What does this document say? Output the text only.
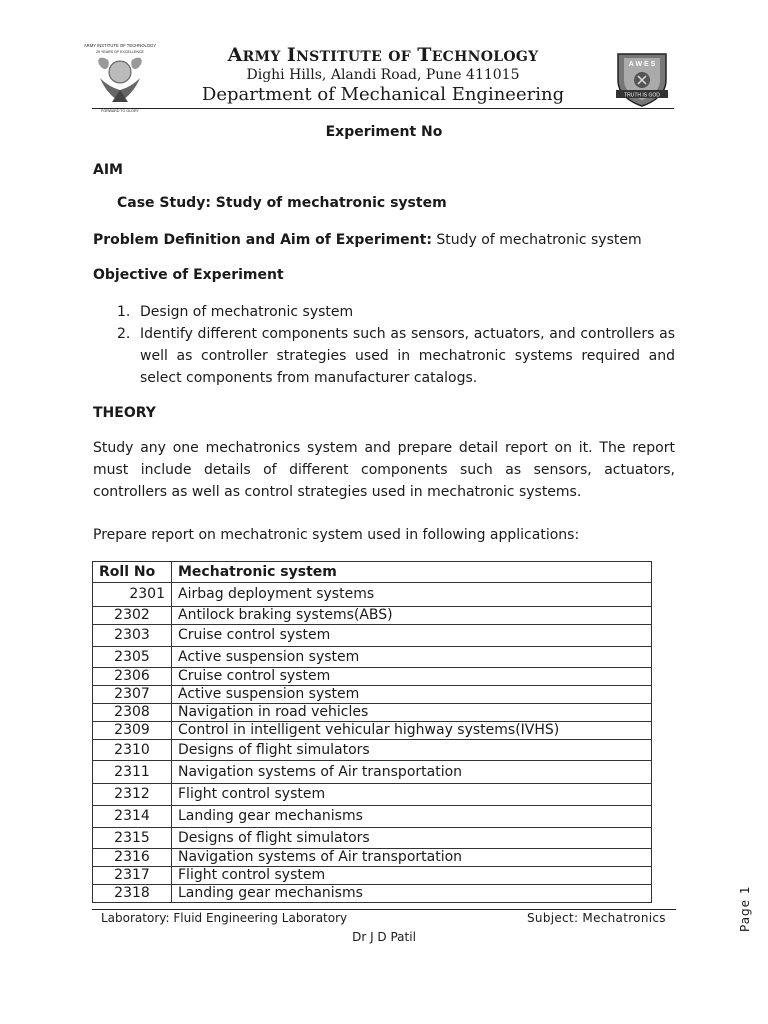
ARMY INSTITUTE OF TECHNOLOGY
25 YEARS OF EXCELLENCE
FORWARD TO GLORY
ARMY INSTITUTE OF TECHNOLOGY
Dighi Hills, Alandi Road, Pune 411015
Department of Mechanical Engineering
A W E S
TRUTH IS GOD
Experiment No
AIM
Case Study: Study of mechatronic system
Problem Definition and Aim of Experiment: Study of mechatronic system
Objective of Experiment
1. Design of mechatronic system
2. Identify different components such as sensors, actuators, and controllers as well as controller strategies used in mechatronic systems required and select components from manufacturer catalogs.
THEORY
Study any one mechatronics system and prepare detail report on it. The report must include details of different components such as sensors, actuators, controllers as well as control strategies used in mechatronic systems.
Prepare report on mechatronic system used in following applications:
Roll No	Mechatronic system
2301	Airbag deployment systems
2302	Antilock braking systems(ABS)
2303	Cruise control system
2305	Active suspension system
2306	Cruise control system
2307	Active suspension system
2308	Navigation in road vehicles
2309	Control in intelligent vehicular highway systems(IVHS)
2310	Designs of flight simulators
2311	Navigation systems of Air transportation
2312	Flight control system
2314	Landing gear mechanisms
2315	Designs of flight simulators
2316	Navigation systems of Air transportation
2317	Flight control system
2318	Landing gear mechanisms
Laboratory: Fluid Engineering Laboratory	Subject: Mechatronics
Dr J D Patil
Page 1
